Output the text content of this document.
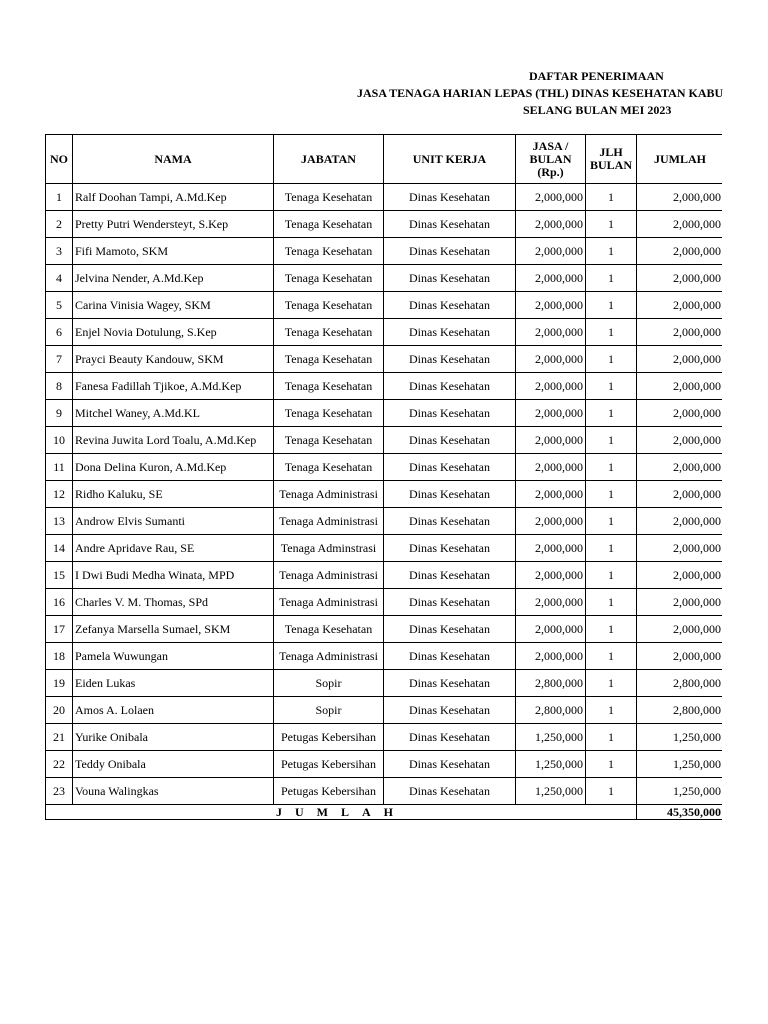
DAFTAR PENERIMAAN
JASA TENAGA HARIAN LEPAS (THL) DINAS KESEHATAN KABU
SELANG BULAN MEI 2023
NO	NAMA	JABATAN	UNIT KERJA	JASA / BULAN (Rp.)	JLH BULAN	JUMLAH
1	Ralf Doohan Tampi, A.Md.Kep	Tenaga Kesehatan	Dinas Kesehatan	2,000,000	1	2,000,000
2	Pretty Putri Wendersteyt, S.Kep	Tenaga Kesehatan	Dinas Kesehatan	2,000,000	1	2,000,000
3	Fifi Mamoto, SKM	Tenaga Kesehatan	Dinas Kesehatan	2,000,000	1	2,000,000
4	Jelvina Nender, A.Md.Kep	Tenaga Kesehatan	Dinas Kesehatan	2,000,000	1	2,000,000
5	Carina Vinisia Wagey, SKM	Tenaga Kesehatan	Dinas Kesehatan	2,000,000	1	2,000,000
6	Enjel Novia Dotulung, S.Kep	Tenaga Kesehatan	Dinas Kesehatan	2,000,000	1	2,000,000
7	Prayci Beauty Kandouw, SKM	Tenaga Kesehatan	Dinas Kesehatan	2,000,000	1	2,000,000
8	Fanesa Fadillah Tjikoe, A.Md.Kep	Tenaga Kesehatan	Dinas Kesehatan	2,000,000	1	2,000,000
9	Mitchel Waney, A.Md.KL	Tenaga Kesehatan	Dinas Kesehatan	2,000,000	1	2,000,000
10	Revina Juwita Lord Toalu, A.Md.Kep	Tenaga Kesehatan	Dinas Kesehatan	2,000,000	1	2,000,000
11	Dona Delina Kuron, A.Md.Kep	Tenaga Kesehatan	Dinas Kesehatan	2,000,000	1	2,000,000
12	Ridho Kaluku, SE	Tenaga Administrasi	Dinas Kesehatan	2,000,000	1	2,000,000
13	Androw Elvis Sumanti	Tenaga Administrasi	Dinas Kesehatan	2,000,000	1	2,000,000
14	Andre Apridave Rau, SE	Tenaga Adminstrasi	Dinas Kesehatan	2,000,000	1	2,000,000
15	I Dwi Budi Medha Winata, MPD	Tenaga Administrasi	Dinas Kesehatan	2,000,000	1	2,000,000
16	Charles V. M. Thomas, SPd	Tenaga Administrasi	Dinas Kesehatan	2,000,000	1	2,000,000
17	Zefanya Marsella Sumael, SKM	Tenaga Kesehatan	Dinas Kesehatan	2,000,000	1	2,000,000
18	Pamela Wuwungan	Tenaga Administrasi	Dinas Kesehatan	2,000,000	1	2,000,000
19	Eiden Lukas	Sopir	Dinas Kesehatan	2,800,000	1	2,800,000
20	Amos A. Lolaen	Sopir	Dinas Kesehatan	2,800,000	1	2,800,000
21	Yurike Onibala	Petugas Kebersihan	Dinas Kesehatan	1,250,000	1	1,250,000
22	Teddy Onibala	Petugas Kebersihan	Dinas Kesehatan	1,250,000	1	1,250,000
23	Vouna Walingkas	Petugas Kebersihan	Dinas Kesehatan	1,250,000	1	1,250,000
JUMLAH						45,350,000
